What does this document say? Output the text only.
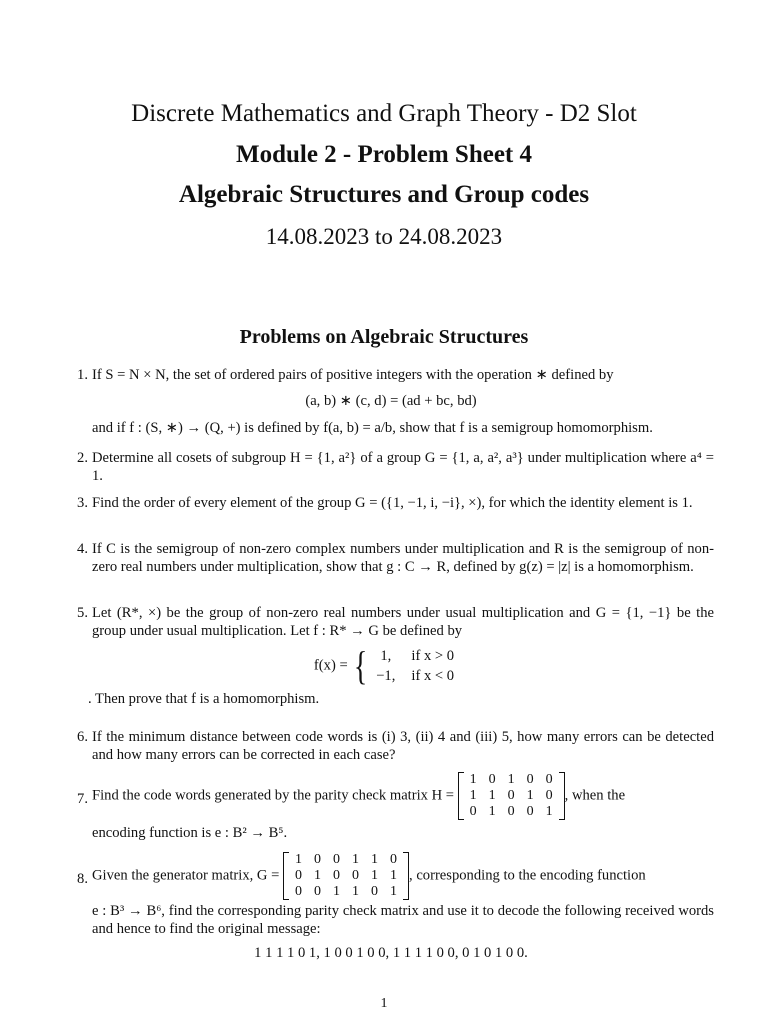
Discrete Mathematics and Graph Theory - D2 Slot
Module 2 - Problem Sheet 4
Algebraic Structures and Group codes
14.08.2023 to 24.08.2023
Problems on Algebraic Structures
1. If S = N × N, the set of ordered pairs of positive integers with the operation ∗ defined by
(a, b) ∗ (c, d) = (ad + bc, bd)
and if f : (S, ∗) → (Q, +) is defined by f(a, b) = a/b, show that f is a semigroup homomorphism.
2. Determine all cosets of subgroup H = {1, a²} of a group G = {1, a, a², a³} under multiplication where a⁴ = 1.
3. Find the order of every element of the group G = ({1, −1, i, −i}, ×), for which the identity element is 1.
4. If C is the semigroup of non-zero complex numbers under multiplication and R is the semigroup of non-zero real numbers under multiplication, show that g : C → R, defined by g(z) = |z| is a homomorphism.
5. Let (R*, ×) be the group of non-zero real numbers under usual multiplication and G = {1, −1} be the group under usual multiplication. Let f : R* → G be defined by
f(x) = { 1,	if x > 0
−1,	if x < 0
. Then prove that f is a homomorphism.
6. If the minimum distance between code words is (i) 3, (ii) 4 and (iii) 5, how many errors can be detected and how many errors can be corrected in each case?
7. Find the code words generated by the parity check matrix H =
1	0	1	0	0
1	1	0	1	0
0	1	0	0	1
, when the
encoding function is e : B² → B⁵.
8. Given the generator matrix, G =
1	0	0	1	1	0
0	1	0	0	1	1
0	0	1	1	0	1
, corresponding to the encoding function
e : B³ → B⁶, find the corresponding parity check matrix and use it to decode the following received words and hence to find the original message:
1 1 1 1 0 1, 1 0 0 1 0 0, 1 1 1 1 0 0, 0 1 0 1 0 0.
1
